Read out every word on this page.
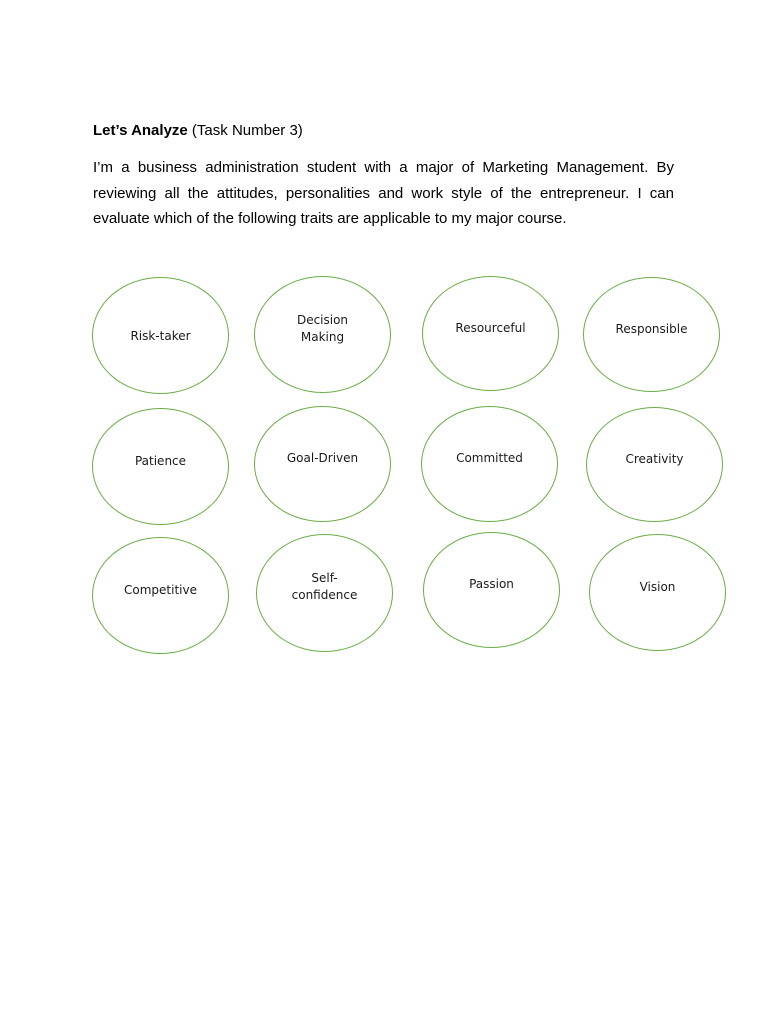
Let’s Analyze (Task Number 3)

I’m a business administration student with a major of Marketing Management. By reviewing all the attitudes, personalities and work style of the entrepreneur. I can evaluate which of the following traits are applicable to my major course.

Risk-taker
Decision
Making
Resourceful	Responsible
Patience	Goal-Driven	Committed	Creativity
Competitive
Self-
confidence
Passion	Vision
